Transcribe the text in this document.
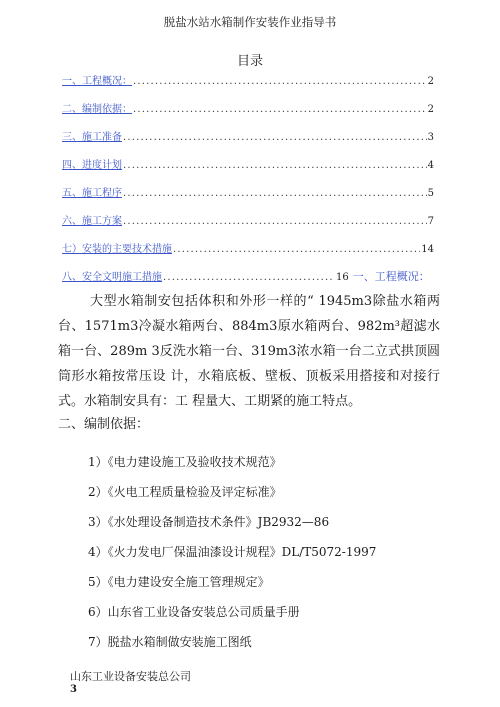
脱盐水站水箱制作安装作业指导书
目录
一、工程概况： .....	2
二、编制依据： .....	2
三、施工准备 .....	3
四、进度计划 .....	4
五、施工程序 .....	5
六、施工方案 .....	7
七）安装的主要技术措施 .....	14
八、安全文明施工措施 .....	16 一、工程概况：
大型水箱制安包括体积和外形一样的“ 1945m3除盐水箱两台、1571m3冷凝水箱两台、884m3原水箱两台、982m³超滤水箱一台、289m 3反洗水箱一台、319m3浓水箱一台二立式拱顶圆筒形水箱按常压设 计，水箱底板、壁板、顶板采用搭接和对接行式。水箱制安具有：工 程量大、工期紧的施工特点。
二、编制依据：
1）《电力建设施工及验收技术规范》
2）《火电工程质量检验及评定标准》
3）《水处理设备制造技术条件》JB2932—86
4）《火力发电厂保温油漆设计规程》DL/T5072-1997
5）《电力建设安全施工管理规定》
6）山东省工业设备安装总公司质量手册
7）脱盐水箱制做安装施工图纸
山东工业设备安装总公司
3
